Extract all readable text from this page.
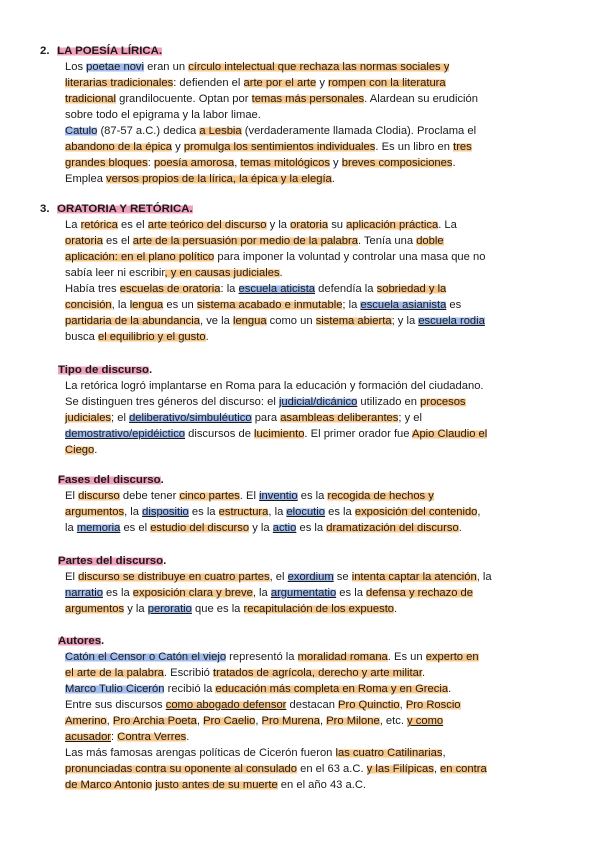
2. LA POESÍA LÍRICA.
3. ORATORIA Y RETÓRICA.
Tipo de discurso.
Fases del discurso.
Partes del discurso.
Autores.
Los poetae novi eran un círculo intelectual que rechaza las normas sociales y
literarias tradicionales: defienden el arte por el arte y rompen con la literatura
tradicional grandilocuente. Optan por temas más personales. Alardean su erudición
sobre todo el epigrama y la labor limae.
Catulo (87-57 a.C.) dedica a Lesbia (verdaderamente llamada Clodia). Proclama el
abandono de la épica y promulga los sentimientos individuales. Es un libro en tres
grandes bloques: poesía amorosa, temas mitológicos y breves composiciones.
Emplea versos propios de la lírica, la épica y la elegía.
La retórica es el arte teórico del discurso y la oratoria su aplicación práctica. La
oratoria es el arte de la persuasión por medio de la palabra. Tenía una doble
aplicación: en el plano político para imponer la voluntad y controlar una masa que no
sabía leer ni escribir, y en causas judiciales.
Había tres escuelas de oratoria: la escuela aticista defendía la sobriedad y la
concisión, la lengua es un sistema acabado e inmutable; la escuela asianista es
partidaria de la abundancia, ve la lengua como un sistema abierta; y la escuela rodia
busca el equilibrio y el gusto.
La retórica logró implantarse en Roma para la educación y formación del ciudadano.
Se distinguen tres géneros del discurso: el judicial/dicánico utilizado en procesos
judiciales; el deliberativo/simbuléutico para asambleas deliberantes; y el
demostrativo/epidéictico discursos de lucimiento. El primer orador fue Apio Claudio el
Ciego.
El discurso debe tener cinco partes. El inventio es la recogida de hechos y
argumentos, la dispositio es la estructura, la elocutio es la exposición del contenido,
la memoria es el estudio del discurso y la actio es la dramatización del discurso.
El discurso se distribuye en cuatro partes, el exordium se intenta captar la atención, la
narratio es la exposición clara y breve, la argumentatio es la defensa y rechazo de
argumentos y la peroratio que es la recapitulación de los expuesto.
Catón el Censor o Catón el viejo representó la moralidad romana. Es un experto en
el arte de la palabra. Escribió tratados de agrícola, derecho y arte militar.
Marco Tulio Cicerón recibió la educación más completa en Roma y en Grecia.
Entre sus discursos como abogado defensor destacan Pro Quinctio, Pro Roscio
Amerino, Pro Archia Poeta, Pro Caelio, Pro Murena, Pro Milone, etc. y como
acusador: Contra Verres.
Las más famosas arengas políticas de Cicerón fueron las cuatro Catilinarias,
pronunciadas contra su oponente al consulado en el 63 a.C. y las Filípicas, en contra
de Marco Antonio justo antes de su muerte en el año 43 a.C.
